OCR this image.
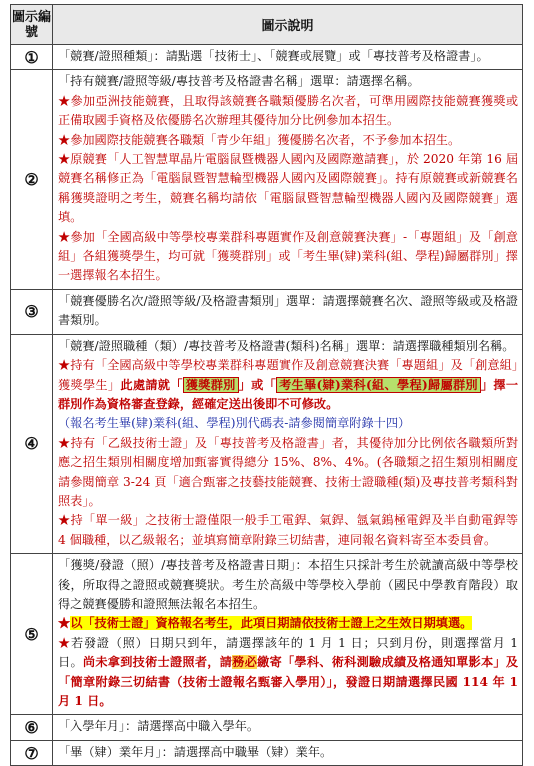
圖示編號	圖示說明
①	「競賽/證照種類」：請點選「技術士」、「競賽或展覽」或「專技普考及格證書」。
②	「持有競賽/證照等級/專技普考及格證書名稱」選單：請選擇名稱。
★參加亞洲技能競賽，且取得該競賽各職類優勝名次者，可準用國際技能競賽獲獎或正備取國手資格及依優勝名次辦理其優待加分比例參加本招生。
★參加國際技能競賽各職類「青少年組」獲優勝名次者，不予參加本招生。
★原競賽「人工智慧單晶片電腦鼠暨機器人國內及國際邀請賽」，於 2020 年第 16 屆競賽名稱修正為「電腦鼠暨智慧輪型機器人國內及國際競賽」。持有原競賽或新競賽名稱獲獎證明之考生，競賽名稱均請依「電腦鼠暨智慧輪型機器人國內及國際競賽」選填。
★參加「全國高級中等學校專業群科專題實作及創意競賽決賽」-「專題組」及「創意組」各組獲獎學生，均可就「獲獎群別」或「考生畢(肄)業科(組、學程)歸屬群別」擇一選擇報名本招生。

③	「競賽優勝名次/證照等級/及格證書類別」選單：請選擇競賽名次、證照等級或及格證書類別。
④	「競賽/證照職種（類）/專技普考及格證書(類科)名稱」選單：請選擇職種類別名稱。
★持有「全國高級中等學校專業群科專題實作及創意競賽決賽「專題組」及「創意組」獲獎學生」此處請就「 獲獎群別 」或「 考生畢(肄)業科(組、學程)歸屬群別 」擇一群別作為資格審查登錄，經確定送出後即不可修改。
（報名考生畢(肄)業科(組、學程)別代碼表-請參閱簡章附錄十四）
★持有「乙級技術士證」及「專技普考及格證書」者，其優待加分比例依各職類所對應之招生類別相關度增加甄審實得總分 15%、8%、4%。(各職類之招生類別相關度請參閱簡章 3-24 頁「適合甄審之技藝技能競賽、技術士證職種(類)及專技普考類科對照表」。
★持「單一級」之技術士證僅限一般手工電銲、氣銲、氬氣鎢極電銲及半自動電銲等 4 個職種，以乙級報名；並填寫簡章附錄三切結書，連同報名資料寄至本委員會。

⑤	「獲獎/發證（照）/專技普考及格證書日期」：本招生只採計考生於就讀高級中等學校後，所取得之證照或競賽獎狀。考生於高級中等學校入學前（國民中學教育階段）取得之競賽優勝和證照無法報名本招生。
★以「技術士證」資格報名考生，此項日期請依技術士證上之生效日期填選。
★若發證（照）日期只到年，請選擇該年的 1 月 1 日；只到月份，則選擇當月 1 日。尚未拿到技術士證照者，請務必繳寄「學科、術科測驗成績及格通知單影本」及「簡章附錄三切結書（技術士證報名甄審入學用）」，發證日期請選擇民國 114 年 1 月 1 日。

⑥	「入學年月」：請選擇高中職入學年。
⑦	「畢（肄）業年月」：請選擇高中職畢（肄）業年。
